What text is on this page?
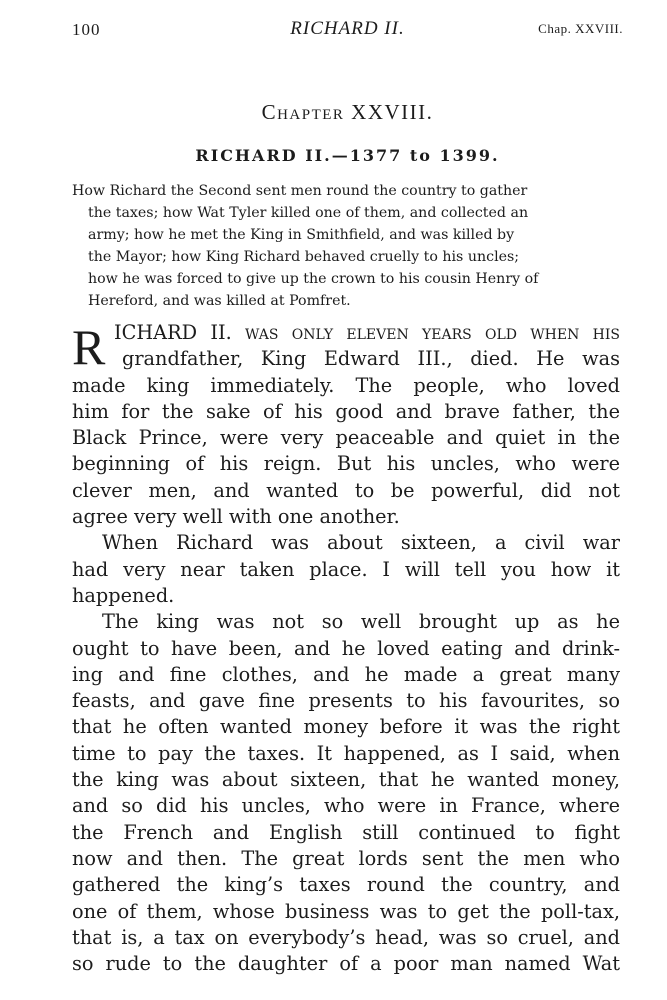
100	RICHARD II.	Chap. XXVIII.
Chapter XXVIII.
RICHARD II.—1377 to 1399.
How Richard the Second sent men round the country to gather
the taxes; how Wat Tyler killed one of them, and collected an
army; how he met the King in Smithfield, and was killed by
the Mayor; how King Richard behaved cruelly to his uncles;
how he was forced to give up the crown to his cousin Henry of
Hereford, and was killed at Pomfret.
R ICHARD II. was only eleven years old when his
grandfather, King Edward III., died. He was
made king immediately. The people, who loved
him for the sake of his good and brave father, the
Black Prince, were very peaceable and quiet in the
beginning of his reign. But his uncles, who were
clever men, and wanted to be powerful, did not
agree very well with one another.
When Richard was about sixteen, a civil war
had very near taken place. I will tell you how it
happened.
The king was not so well brought up as he
ought to have been, and he loved eating and drink-
ing and fine clothes, and he made a great many
feasts, and gave fine presents to his favourites, so
that he often wanted money before it was the right
time to pay the taxes. It happened, as I said, when
the king was about sixteen, that he wanted money,
and so did his uncles, who were in France, where
the French and English still continued to fight
now and then. The great lords sent the men who
gathered the king’s taxes round the country, and
one of them, whose business was to get the poll-tax,
that is, a tax on everybody’s head, was so cruel, and
so rude to the daughter of a poor man named Wat
